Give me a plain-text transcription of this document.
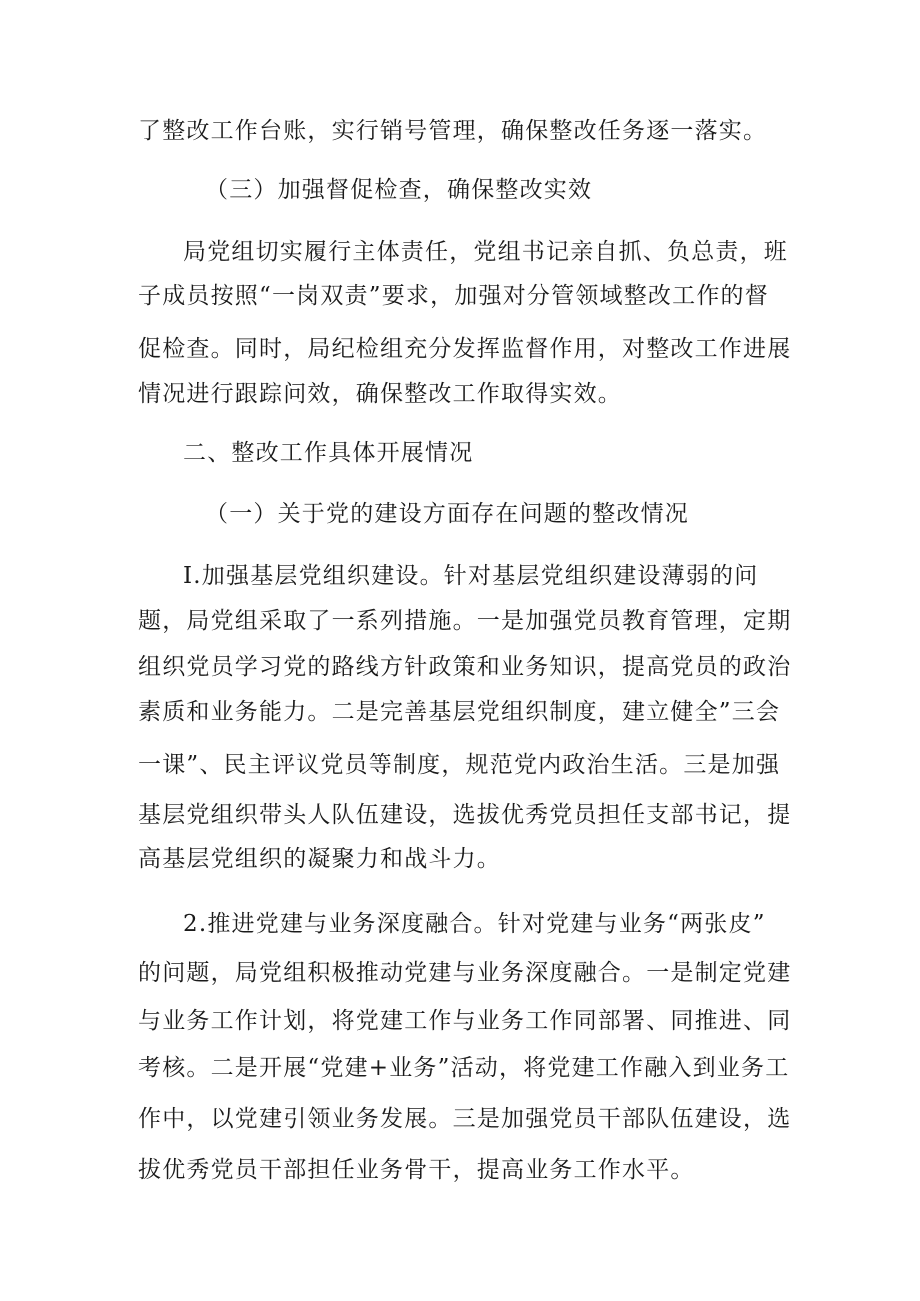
了整改工作台账，实行销号管理，确保整改任务逐一落实。
（三）加强督促检查，确保整改实效
局党组切实履行主体责任，党组书记亲自抓、负总责，班
子成员按照“一岗双责”要求，加强对分管领域整改工作的督
促检查。同时，局纪检组充分发挥监督作用，对整改工作进展
情况进行跟踪问效，确保整改工作取得实效。
二、整改工作具体开展情况
（一）关于党的建设方面存在问题的整改情况
I.加强基层党组织建设。针对基层党组织建设薄弱的问
题，局党组采取了一系列措施。一是加强党员教育管理，定期
组织党员学习党的路线方针政策和业务知识，提高党员的政治
素质和业务能力。二是完善基层党组织制度，建立健全”三会
一课”、民主评议党员等制度，规范党内政治生活。三是加强
基层党组织带头人队伍建设，选拔优秀党员担任支部书记，提
高基层党组织的凝聚力和战斗力。
2.推进党建与业务深度融合。针对党建与业务“两张皮”
的问题，局党组积极推动党建与业务深度融合。一是制定党建
与业务工作计划，将党建工作与业务工作同部署、同推进、同
考核。二是开展“党建+业务”活动，将党建工作融入到业务工
作中，以党建引领业务发展。三是加强党员干部队伍建设，选
拔优秀党员干部担任业务骨干，提高业务工作水平。
